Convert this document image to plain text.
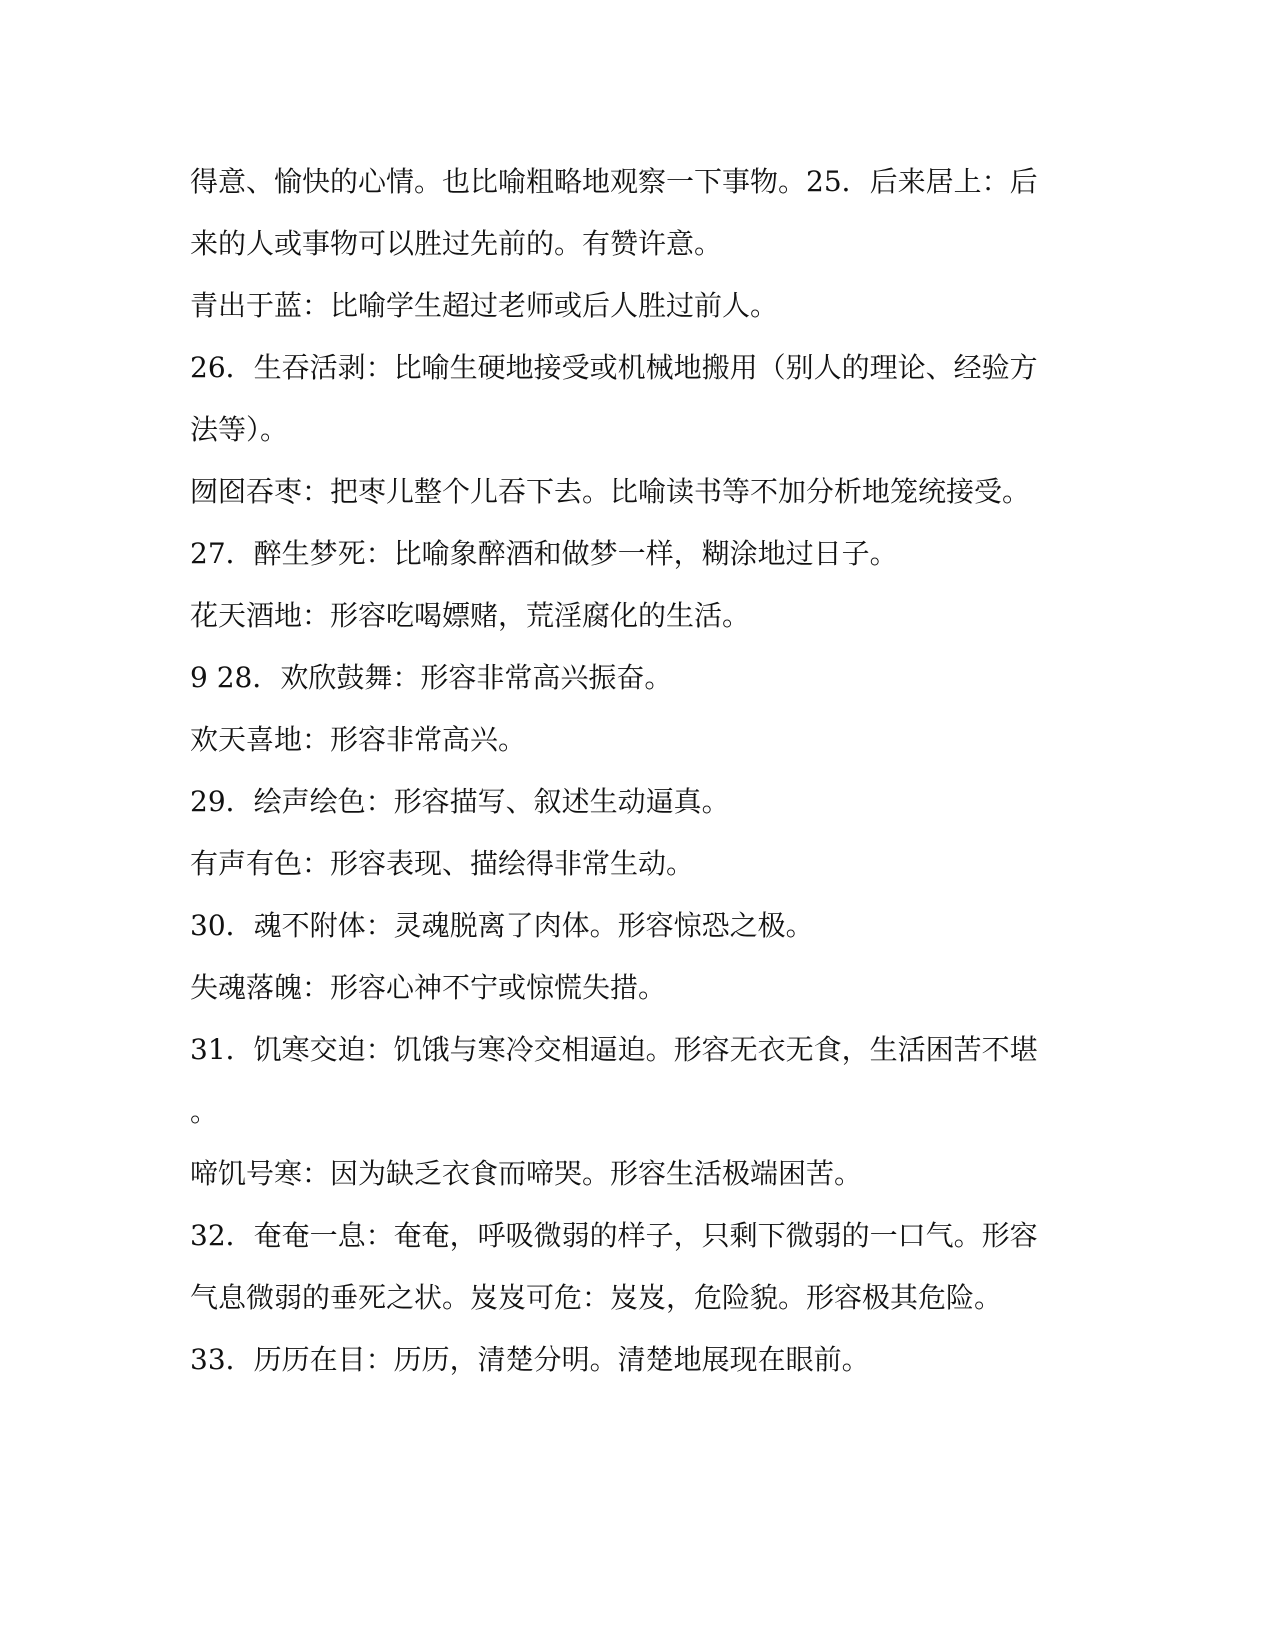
得意、愉快的心情。也比喻粗略地观察一下事物。25．后来居上：后
来的人或事物可以胜过先前的。有赞许意。
青出于蓝：比喻学生超过老师或后人胜过前人。
26．生吞活剥：比喻生硬地接受或机械地搬用（别人的理论、经验方
法等）。
囫囵吞枣：把枣儿整个儿吞下去。比喻读书等不加分析地笼统接受。
27．醉生梦死：比喻象醉酒和做梦一样，糊涂地过日子。
花天酒地：形容吃喝嫖赌，荒淫腐化的生活。
9 28．欢欣鼓舞：形容非常高兴振奋。
欢天喜地：形容非常高兴。
29．绘声绘色：形容描写、叙述生动逼真。
有声有色：形容表现、描绘得非常生动。
30．魂不附体：灵魂脱离了肉体。形容惊恐之极。
失魂落魄：形容心神不宁或惊慌失措。
31．饥寒交迫：饥饿与寒冷交相逼迫。形容无衣无食，生活困苦不堪
。
啼饥号寒：因为缺乏衣食而啼哭。形容生活极端困苦。
32．奄奄一息：奄奄，呼吸微弱的样子，只剩下微弱的一口气。形容
气息微弱的垂死之状。岌岌可危：岌岌，危险貌。形容极其危险。
33．历历在目：历历，清楚分明。清楚地展现在眼前。
